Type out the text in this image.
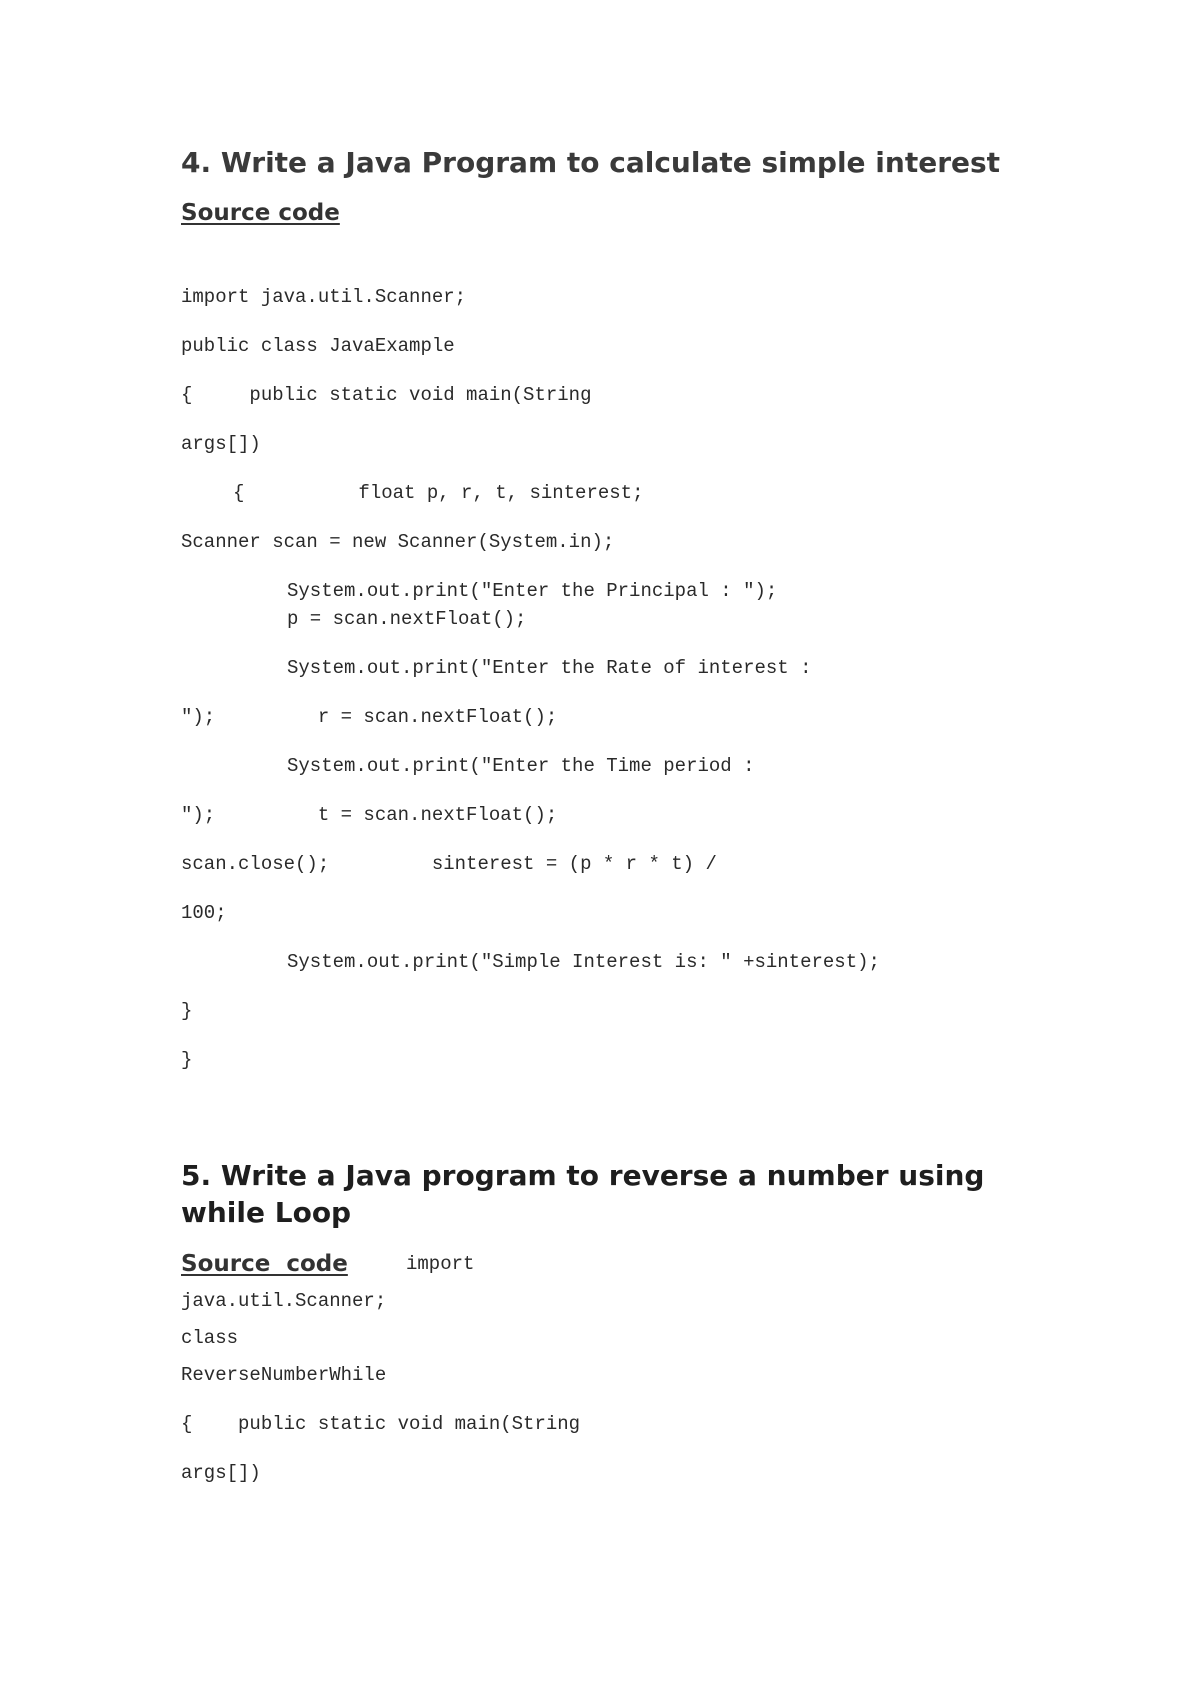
4. Write a Java Program to calculate simple interest
Source code
import java.util.Scanner;
public class JavaExample
{     public static void main(String
args[])
{          float p, r, t, sinterest;
Scanner scan = new Scanner(System.in);
System.out.print("Enter the Principal : ");
p = scan.nextFloat();
System.out.print("Enter the Rate of interest :
");         r = scan.nextFloat();
System.out.print("Enter the Time period :
");         t = scan.nextFloat();
scan.close();         sinterest = (p * r * t) /
100;
System.out.print("Simple Interest is: " +sinterest);
}
}
5. Write a Java program to reverse a number using
while Loop
Source  code	import
java.util.Scanner;
class
ReverseNumberWhile
{    public static void main(String
args[])
